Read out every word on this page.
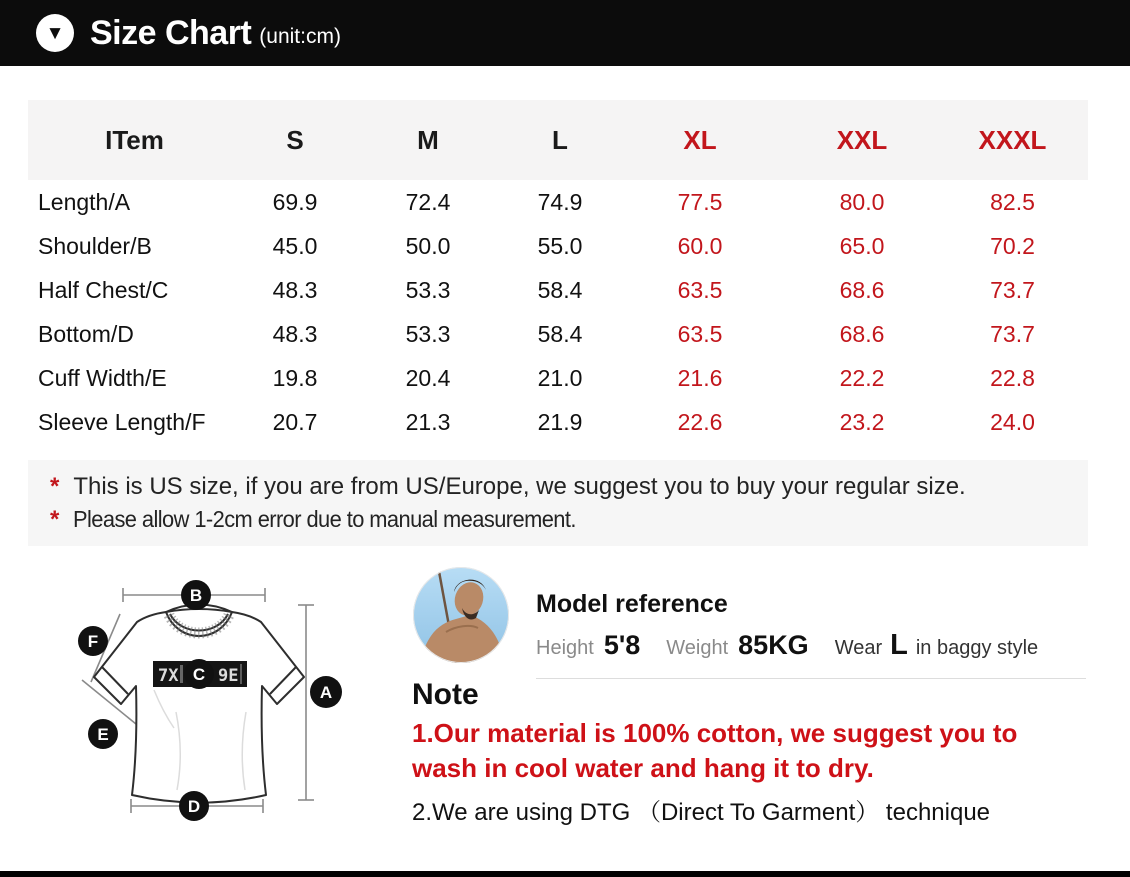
▼ Size Chart (unit:cm)
ITem	S	M	L	XL	XXL	XXXL
Length/A	69.9	72.4	74.9	77.5	80.0	82.5
Shoulder/B	45.0	50.0	55.0	60.0	65.0	70.2
Half Chest/C	48.3	53.3	58.4	63.5	68.6	73.7
Bottom/D	48.3	53.3	58.4	63.5	68.6	73.7
Cuff Width/E	19.8	20.4	21.0	21.6	22.2	22.8
Sleeve Length/F	20.7	21.3	21.9	22.6	23.2	24.0

* This is US size, if you are from US/Europe, we suggest you to buy your regular size.

* Please allow 1-2cm error due to manual measurement.

7X 9E
B
F
C
A
E
D
Model reference

Height 5'8 Weight 85KG Wear L in baggy style

Note

1.Our material is 100% cotton, we suggest you to wash in cool water and hang it to dry.

2.We are using DTG （Direct To Garment） technique
